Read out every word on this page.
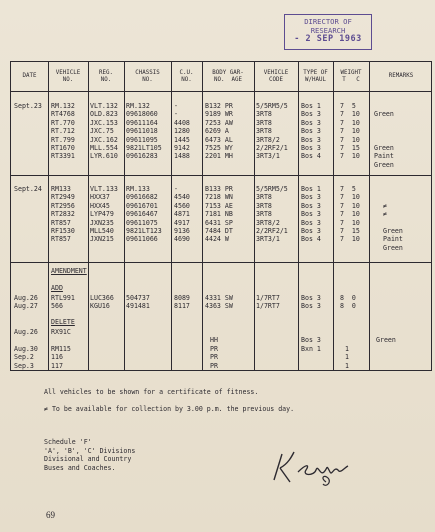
DIRECTOR OF
RESEARCH
- 2 SEP 1963
DATE	VEHICLE
NO.
REG.
NO.
CHASSIS
NO.
C.U.
NO.
BODY GAR-
NO.  AGE
VEHICLE
CODE
TYPE OF
W/HAUL
WEIGHT
T   C
REMARKS
Sept.23 RM.132
RT4768
RT.770
RT.712
RT.799
RT1670
RT3391
VLT.132
OLD.823
JXC.153
JXC.75
JXC.162
MLL.554
LYR.610
RM.132
09618060
09611164
09611018
09611095
9821LT105
09616283
-
-
4408
1280
1445
9142
1488
B132 PR
9189 WR
7253 AW
6269 A
6473 AL
7525 WY
2201 MH
5/5RM5/5
3RT8
3RT8
3RT8
3RT8/2
2/2RF2/1
3RT3/1
Bos 1
Bos 3
Bos 3
Bos 3
Bos 3
Bos 3
Bos 4
7  5
7  10
7  10
7  10
7  10
7  15
7  10

Green

Green
Paint
Green
Sept.24 RM133
RT2949
RT2956
RT2832
RT857
RF1530
RT857
VLT.133
HXX37
HXX45
LYP479
JXN235
MLL540
JXN215
RM.133
09616682
09616701
09616467
09611075
9821LT123
09611066
-
4540
4560
4871
4917
9136
4690
B133 PR
7218 WN
7153 AE
7181 NB
6431 SP
7484 DT
4424 W
5/5RM5/5
3RT8
3RT8
3RT8
3RT8/2
2/2RF2/1
3RT3/1
Bos 1
Bos 3
Bos 3
Bos 3
Bos 3
Bos 3
Bos 4
7  5
7  10
7  10
7  10
7  10
7  15
7  10

≠
≠

Green
Paint
Green
AMENDMENT
ADD
Aug.26
Aug.27
RTL991
566
LUC366
KGU16
504737
491481
8089
8117
4331 SW
4363 SW
1/7RT7
1/7RT7
Bos 3
Bos 3
8  0
8  0
DELETE
Aug.26

Aug.30
Sep.2
Sep.3
RX91C

RM115
116
117

HH
PR
PR
PR

Bos 3
Bxn 1	

1
1
1

Green
All vehicles to be shown for a certificate of fitness.
≠ To be available for collection by 3.00 p.m. the previous day.
Schedule 'F'
'A', 'B', 'C' Divisions
Divisional and Country
Buses and Coaches.
69
